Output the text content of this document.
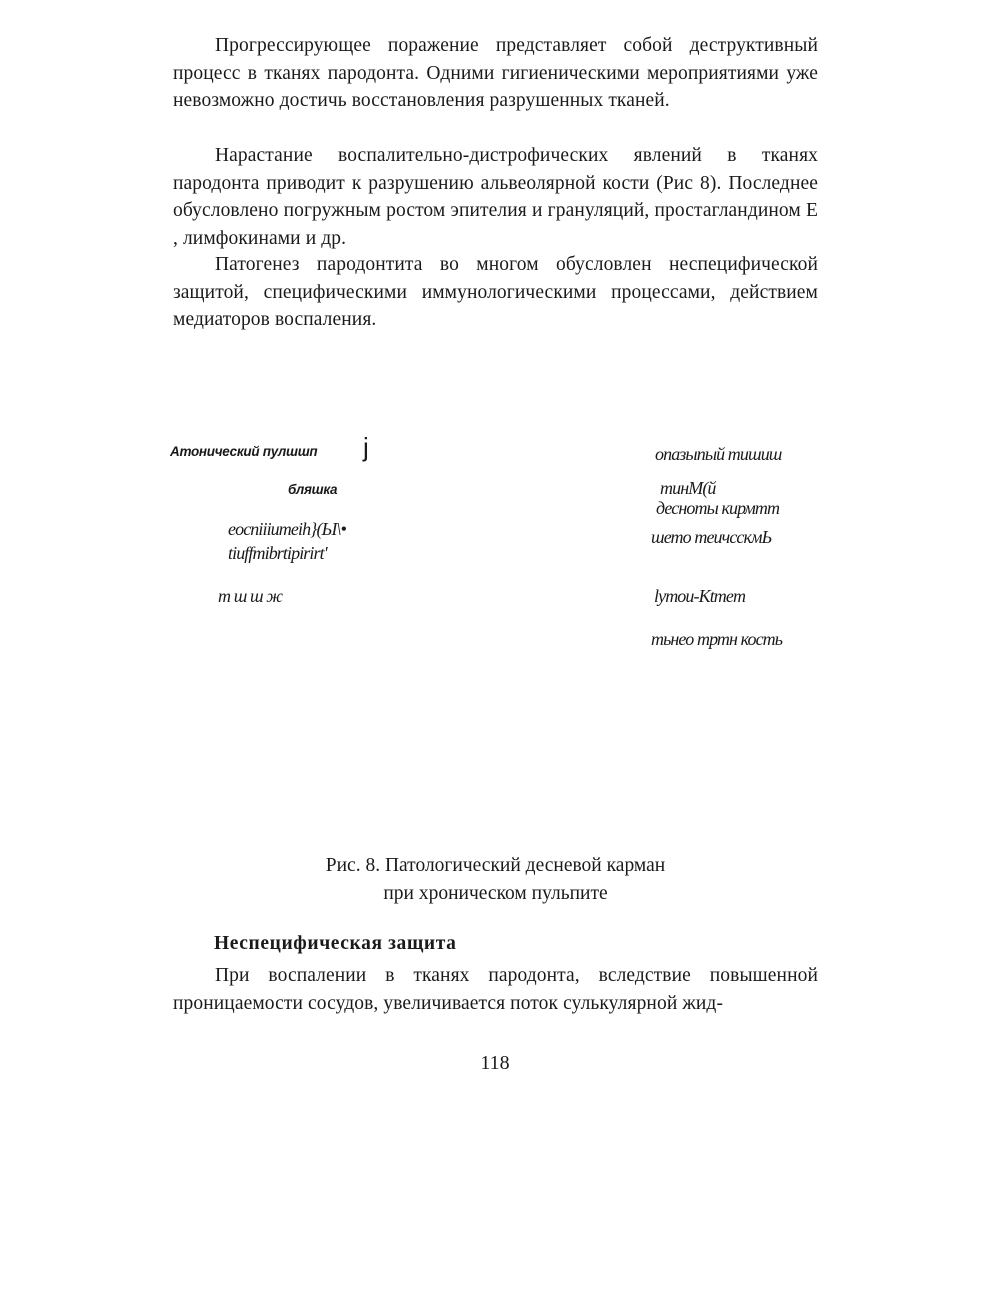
Прогрессирующее поражение представляет собой деструктивный процесс в тканях пародонта. Одними гигиеническими мероприятиями уже невозможно достичь восстановления разрушенных тканей.

Нарастание воспалительно-дистрофических явлений в тканях пародонта приводит к разрушению альвеолярной кости (Рис 8). Последнее обусловлено погружным ростом эпителия и грануляций, простагландином Е , лимфокинами и др.

Патогенез пародонтита во многом обусловлен неспецифической защитой, специфическими иммунологическими процессами, действием медиаторов воспаления.

Атонический пулшшп j
бляшка
eocniiiumeih}(Ы\•
tiuffmibrtipirirt'
т ш ш ж
опазыпый тишиш
тинМ(й
десноты кирмтт
шето теичсскмЬ
lymou-Ktmem
тьнео тртн кость

Рис. 8. Патологический десневой карман

при хроническом пульпите

Неспецифическая защита

При воспалении в тканях пародонта, вследствие повышенной проницаемости сосудов, увеличивается поток сулькулярной жид-

118
